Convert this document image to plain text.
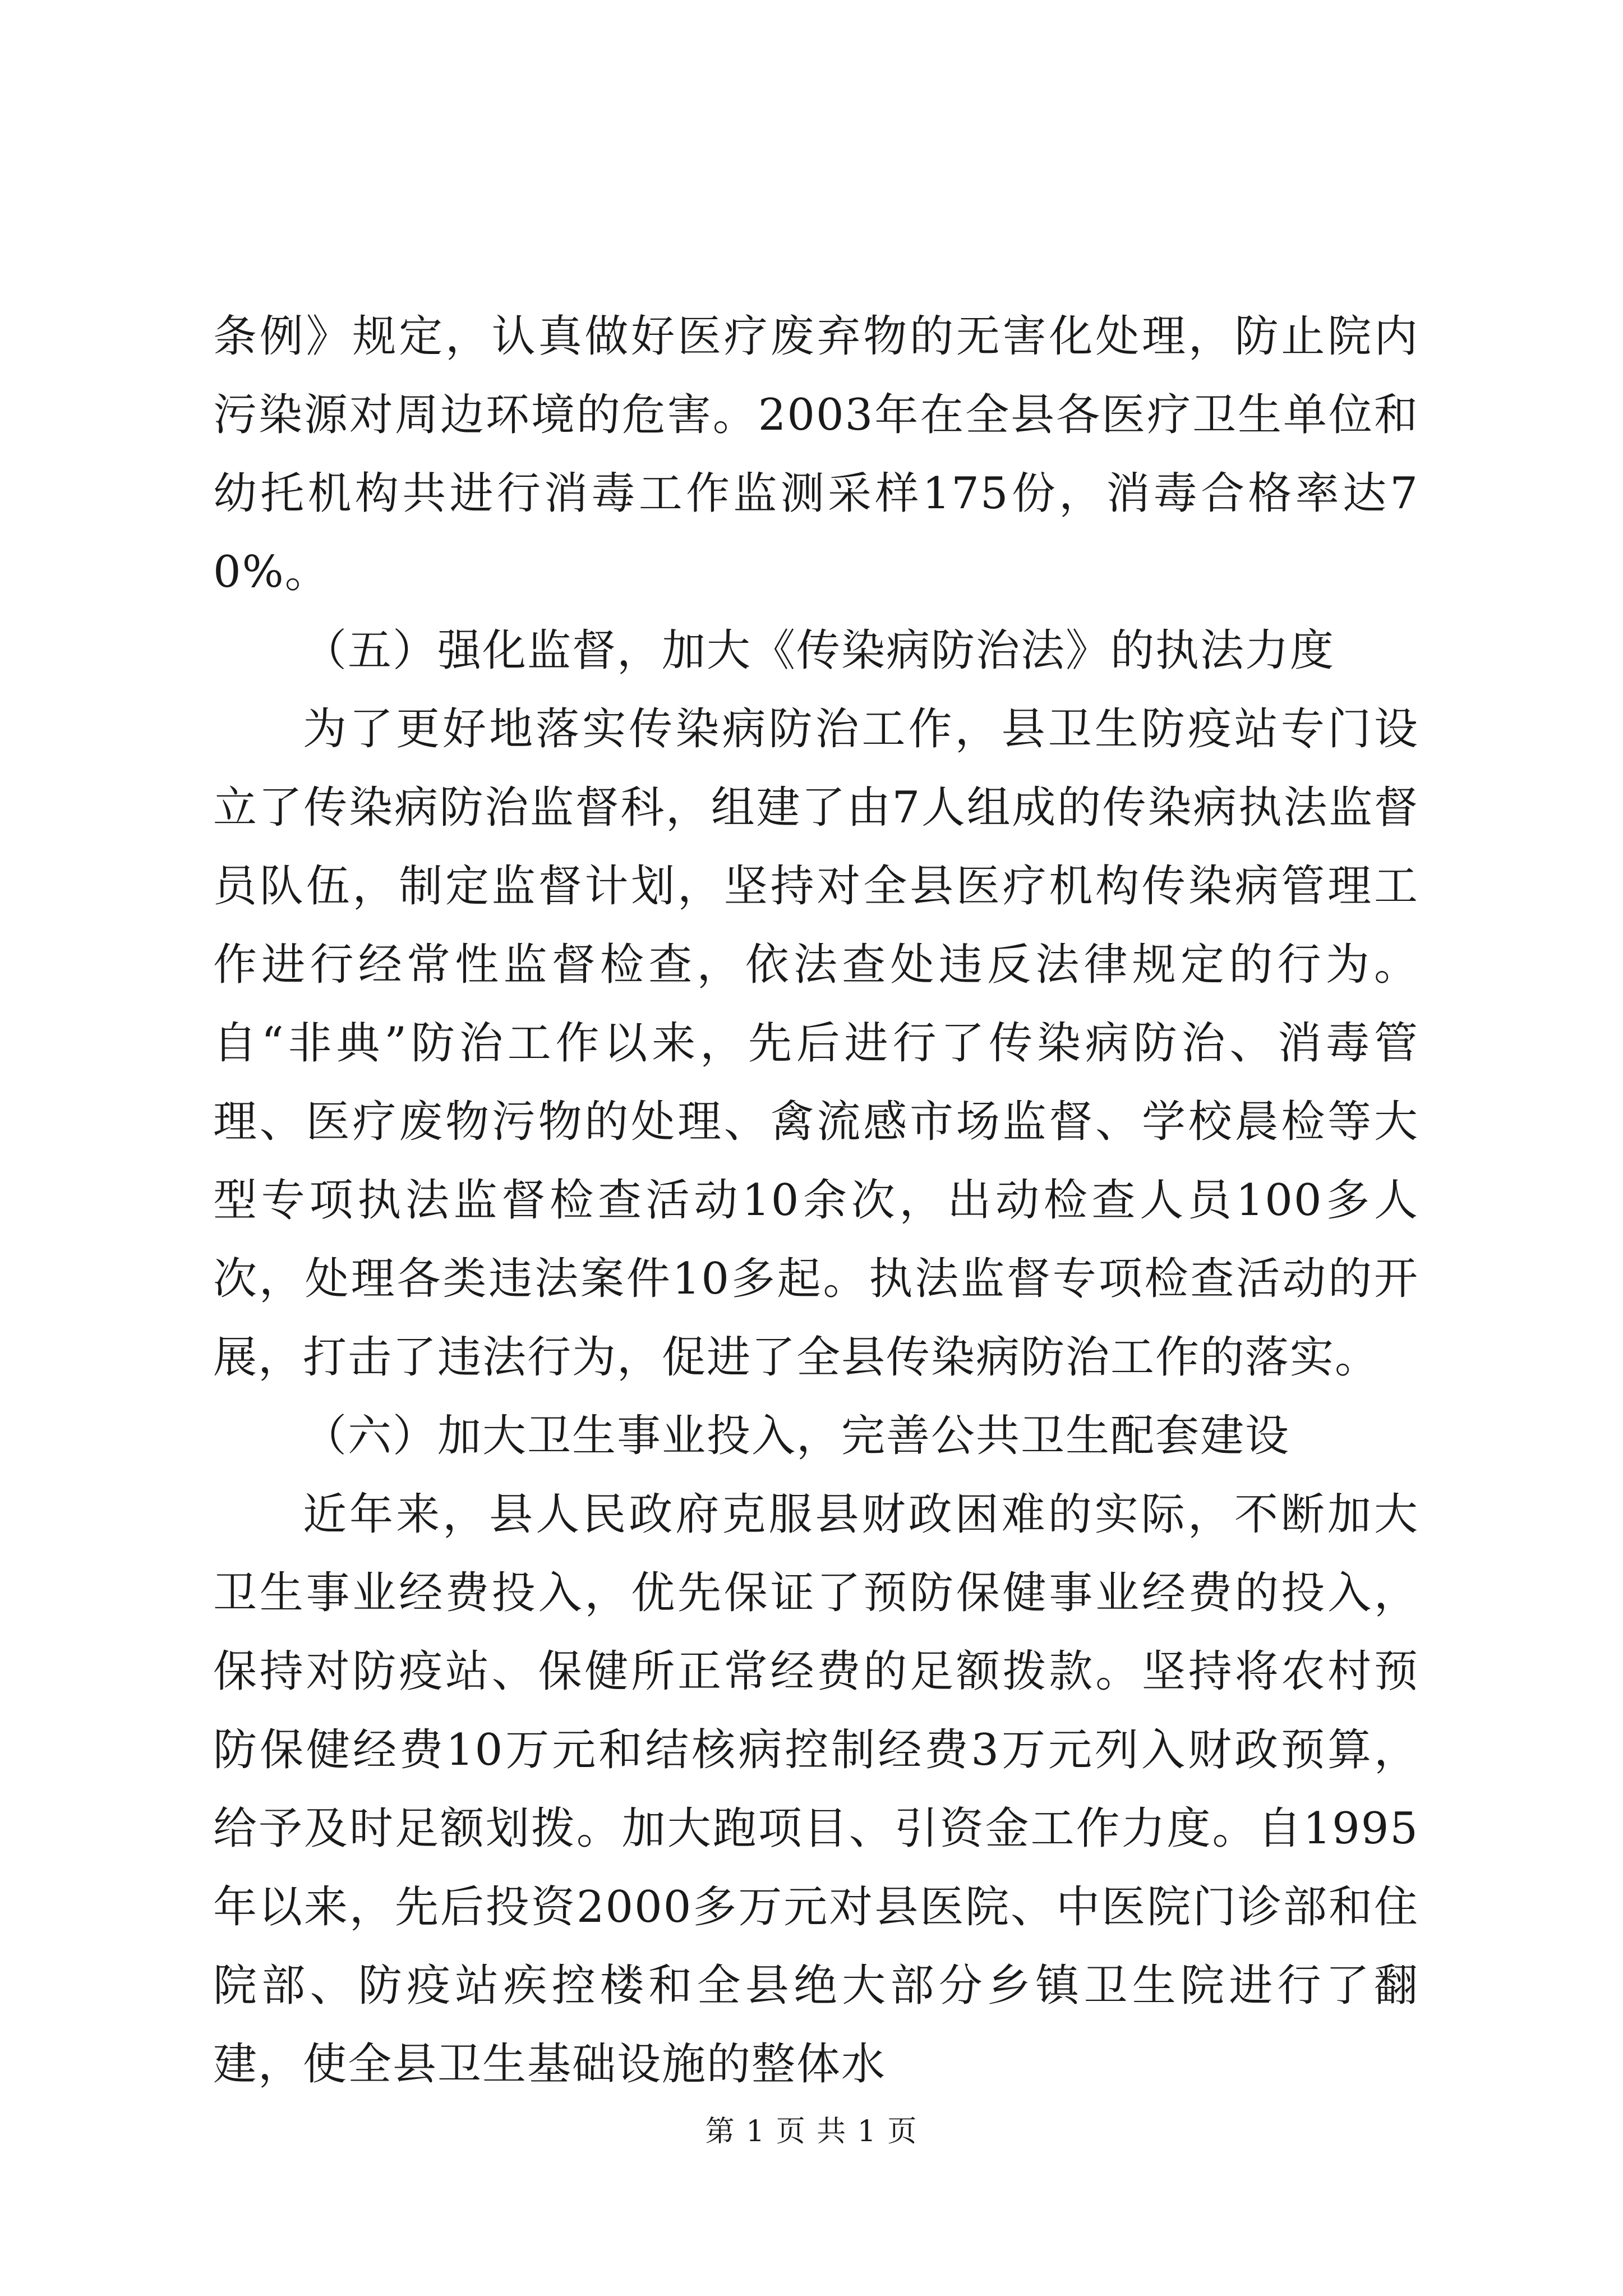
条例》规定，认真做好医疗废弃物的无害化处理，防止院内污染源对周边环境的危害。2003年在全县各医疗卫生单位和幼托机构共进行消毒工作监测采样175份，消毒合格率达70%。

（五）强化监督，加大《传染病防治法》的执法力度

为了更好地落实传染病防治工作，县卫生防疫站专门设立了传染病防治监督科，组建了由7人组成的传染病执法监督员队伍，制定监督计划，坚持对全县医疗机构传染病管理工作进行经常性监督检查，依法查处违反法律规定的行为。自“非典”防治工作以来，先后进行了传染病防治、消毒管理、医疗废物污物的处理、禽流感市场监督、学校晨检等大型专项执法监督检查活动10余次，出动检查人员100多人次，处理各类违法案件10多起。执法监督专项检查活动的开展，打击了违法行为，促进了全县传染病防治工作的落实。

（六）加大卫生事业投入，完善公共卫生配套建设

近年来，县人民政府克服县财政困难的实际，不断加大卫生事业经费投入，优先保证了预防保健事业经费的投入，保持对防疫站、保健所正常经费的足额拨款。坚持将农村预防保健经费10万元和结核病控制经费3万元列入财政预算，给予及时足额划拨。加大跑项目、引资金工作力度。自1995年以来，先后投资2000多万元对县医院、中医院门诊部和住院部、防疫站疾控楼和全县绝大部分乡镇卫生院进行了翻建，使全县卫生基础设施的整体水

第 1 页 共 1 页
